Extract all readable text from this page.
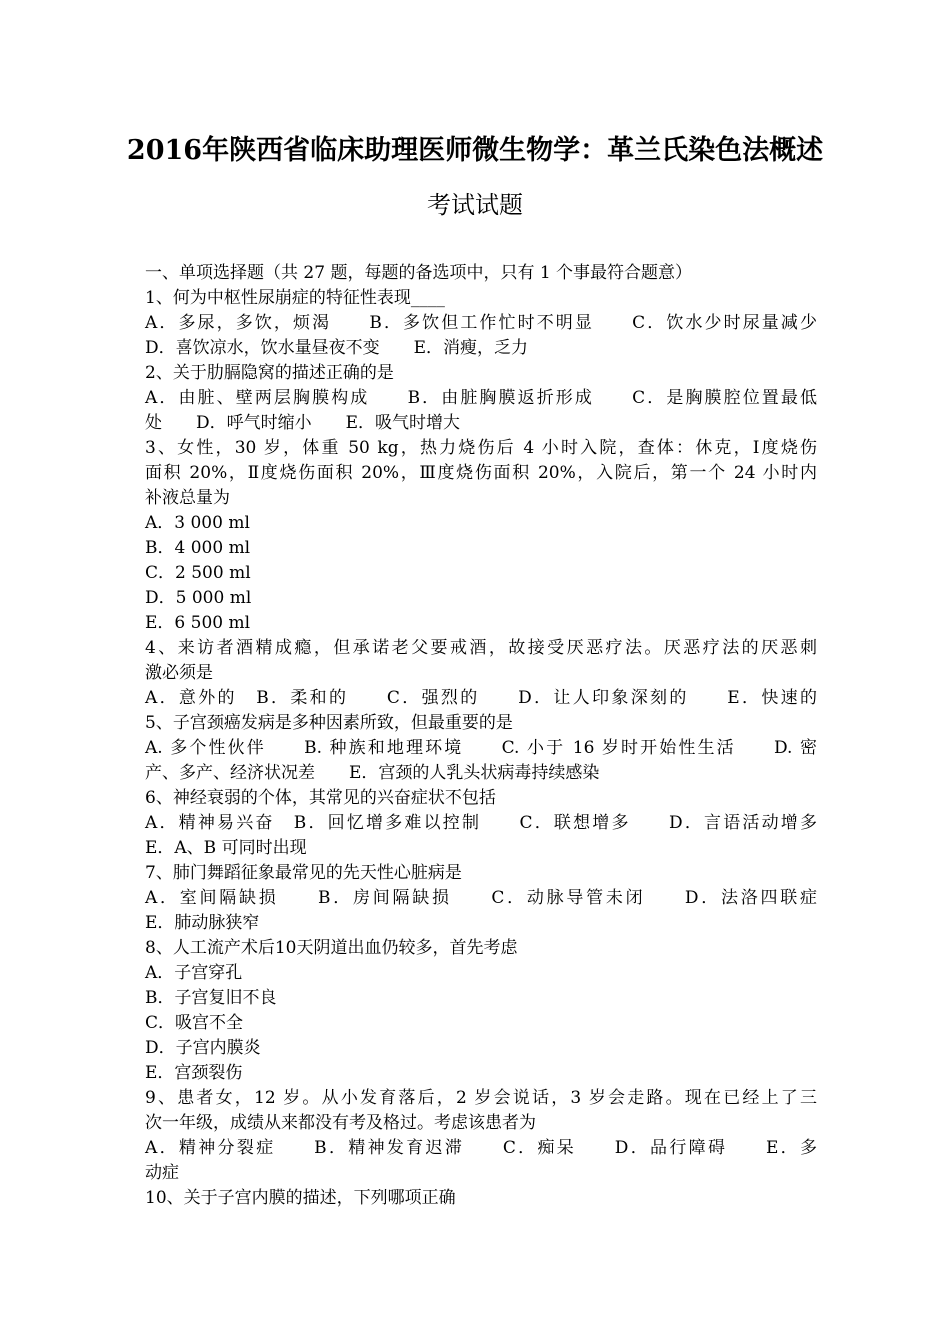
2016年陕西省临床助理医师微生物学：革兰氏染色法概述
考试试题
一、单项选择题（共 27 题，每题的备选项中，只有 1 个事最符合题意）
1、何为中枢性尿崩症的特征性表现____
A．多尿，多饮，烦渴　　B．多饮但工作忙时不明显　　C．饮水少时尿量减少
D．喜饮凉水，饮水量昼夜不变　　E．消瘦，乏力
2、关于肋膈隐窝的描述正确的是
A．由脏、壁两层胸膜构成　　B．由脏胸膜返折形成　　C．是胸膜腔位置最低
处　　D．呼气时缩小　　E．吸气时增大
3、女性，30 岁，体重 50 kg，热力烧伤后 4 小时入院，查体：休克，Ⅰ度烧伤
面积 20%，Ⅱ度烧伤面积 20%，Ⅲ度烧伤面积 20%，入院后，第一个 24 小时内
补液总量为
A．3 000 ml
B．4 000 ml
C．2 500 ml
D．5 000 ml
E．6 500 ml
4、来访者酒精成瘾，但承诺老父要戒酒，故接受厌恶疗法。厌恶疗法的厌恶刺
激必须是
A．意外的　B．柔和的　　C．强烈的　　D．让人印象深刻的　　E．快速的
5、子宫颈癌发病是多种因素所致，但最重要的是
A. 多个性伙伴　　B. 种族和地理环境　　C. 小于 16 岁时开始性生活　　D. 密
产、多产、经济状况差　　E．宫颈的人乳头状病毒持续感染
6、神经衰弱的个体，其常见的兴奋症状不包括
A．精神易兴奋　B．回忆增多难以控制　　C．联想增多　　D．言语活动增多
E．A、B 可同时出现
7、肺门舞蹈征象最常见的先天性心脏病是
A．室间隔缺损　　B．房间隔缺损　　C．动脉导管未闭　　D．法洛四联症
E．肺动脉狭窄
8、人工流产术后10天阴道出血仍较多，首先考虑
A．子宫穿孔
B．子宫复旧不良
C．吸宫不全
D．子宫内膜炎
E．宫颈裂伤
9、患者女，12 岁。从小发育落后，2 岁会说话，3 岁会走路。现在已经上了三
次一年级，成绩从来都没有考及格过。考虑该患者为
A．精神分裂症　　B．精神发育迟滞　　C．痴呆　　D．品行障碍　　E．多
动症
10、关于子宫内膜的描述，下列哪项正确
